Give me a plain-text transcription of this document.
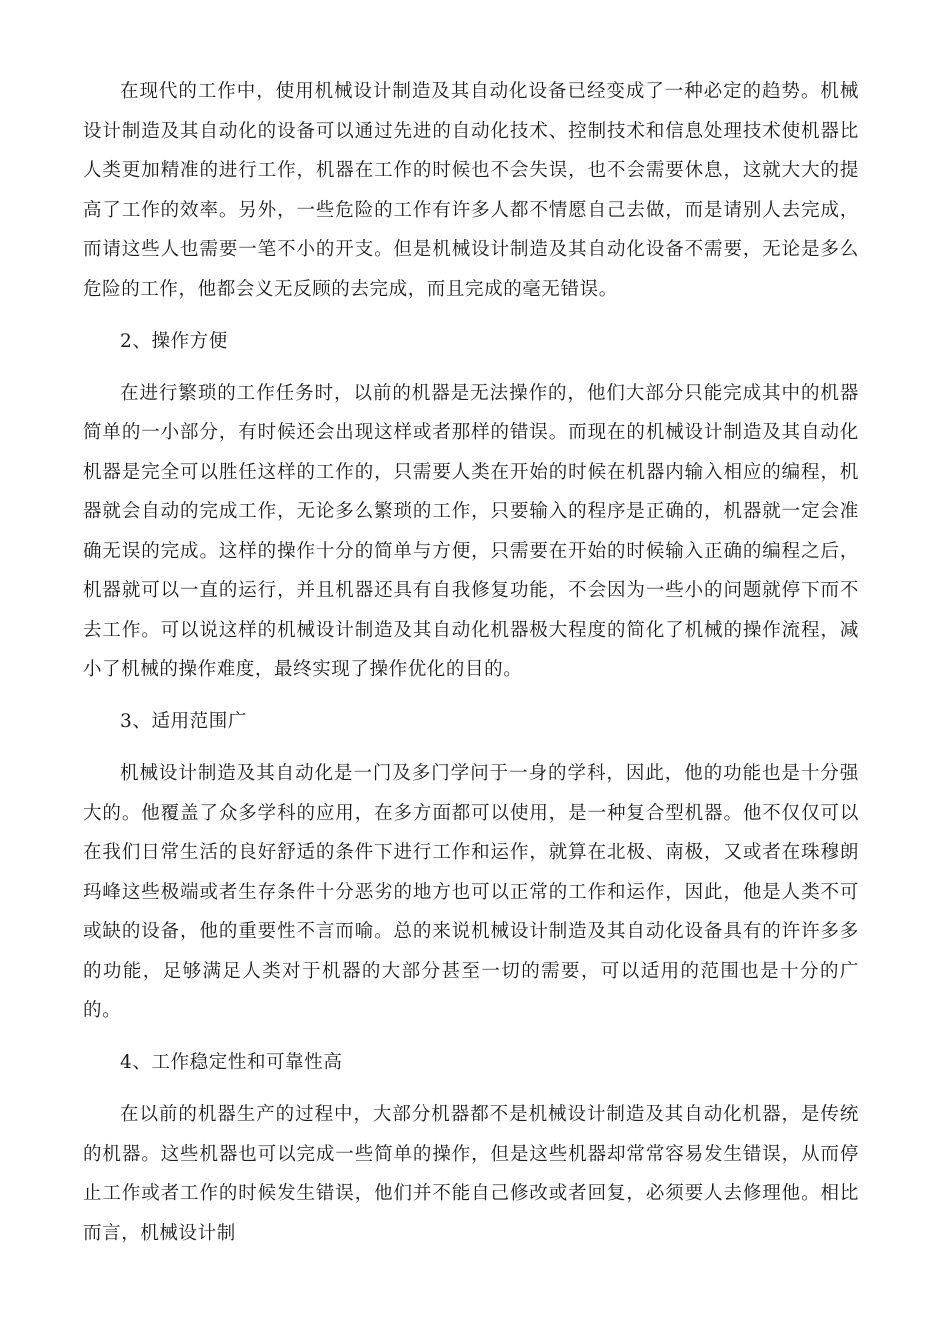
在现代的工作中，使用机械设计制造及其自动化设备已经变成了一种必定的趋势。机械设计制造及其自动化的设备可以通过先进的自动化技术、控制技术和信息处理技术使机器比人类更加精准的进行工作，机器在工作的时候也不会失误，也不会需要休息，这就大大的提高了工作的效率。另外，一些危险的工作有许多人都不情愿自己去做，而是请别人去完成，而请这些人也需要一笔不小的开支。但是机械设计制造及其自动化设备不需要，无论是多么危险的工作，他都会义无反顾的去完成，而且完成的毫无错误。

2、操作方便

在进行繁琐的工作任务时，以前的机器是无法操作的，他们大部分只能完成其中的机器简单的一小部分，有时候还会出现这样或者那样的错误。而现在的机械设计制造及其自动化机器是完全可以胜任这样的工作的，只需要人类在开始的时候在机器内输入相应的编程，机器就会自动的完成工作，无论多么繁琐的工作，只要输入的程序是正确的，机器就一定会准确无误的完成。这样的操作十分的简单与方便，只需要在开始的时候输入正确的编程之后，机器就可以一直的运行，并且机器还具有自我修复功能，不会因为一些小的问题就停下而不去工作。可以说这样的机械设计制造及其自动化机器极大程度的简化了机械的操作流程，减小了机械的操作难度，最终实现了操作优化的目的。

3、适用范围广

机械设计制造及其自动化是一门及多门学问于一身的学科，因此，他的功能也是十分强大的。他覆盖了众多学科的应用，在多方面都可以使用，是一种复合型机器。他不仅仅可以在我们日常生活的良好舒适的条件下进行工作和运作，就算在北极、南极，又或者在珠穆朗玛峰这些极端或者生存条件十分恶劣的地方也可以正常的工作和运作，因此，他是人类不可或缺的设备，他的重要性不言而喻。总的来说机械设计制造及其自动化设备具有的许许多多的功能，足够满足人类对于机器的大部分甚至一切的需要，可以适用的范围也是十分的广的。

4、工作稳定性和可靠性高

在以前的机器生产的过程中，大部分机器都不是机械设计制造及其自动化机器，是传统的机器。这些机器也可以完成一些简单的操作，但是这些机器却常常容易发生错误，从而停止工作或者工作的时候发生错误，他们并不能自己修改或者回复，必须要人去修理他。相比而言，机械设计制
